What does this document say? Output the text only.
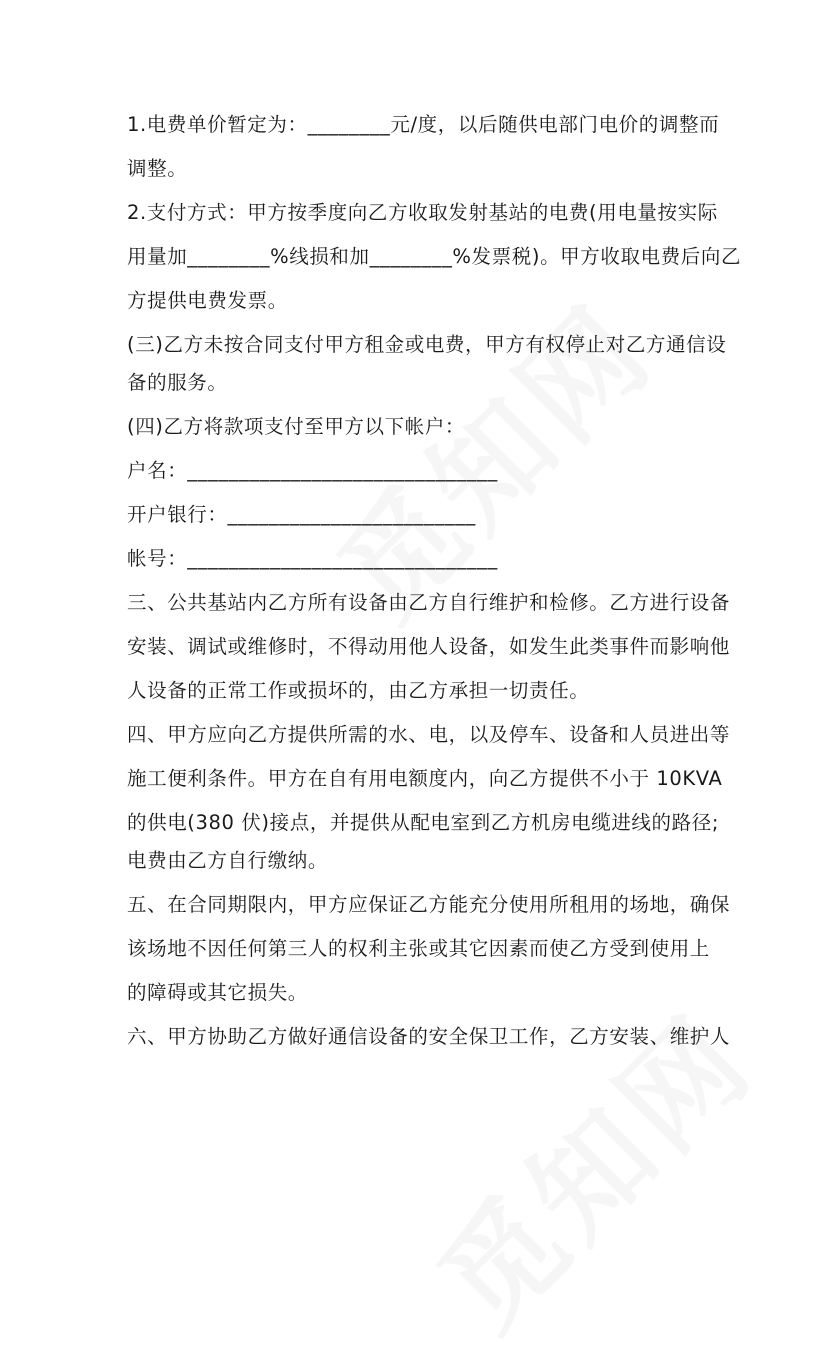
1.电费单价暂定为：________元/度，以后随供电部门电价的调整而
调整。
2.支付方式：甲方按季度向乙方收取发射基站的电费(用电量按实际
用量加________%线损和加________%发票税)。甲方收取电费后向乙
方提供电费发票。
(三)乙方未按合同支付甲方租金或电费，甲方有权停止对乙方通信设
备的服务。
(四)乙方将款项支付至甲方以下帐户：
户名：______________________________
开户银行：________________________
帐号：______________________________
三、公共基站内乙方所有设备由乙方自行维护和检修。乙方进行设备
安装、调试或维修时，不得动用他人设备，如发生此类事件而影响他
人设备的正常工作或损坏的，由乙方承担一切责任。
四、甲方应向乙方提供所需的水、电，以及停车、设备和人员进出等
施工便利条件。甲方在自有用电额度内，向乙方提供不小于 10KVA
的供电(380 伏)接点，并提供从配电室到乙方机房电缆进线的路径;
电费由乙方自行缴纳。
五、在合同期限内，甲方应保证乙方能充分使用所租用的场地，确保
该场地不因任何第三人的权利主张或其它因素而使乙方受到使用上
的障碍或其它损失。
六、甲方协助乙方做好通信设备的安全保卫工作，乙方安装、维护人
